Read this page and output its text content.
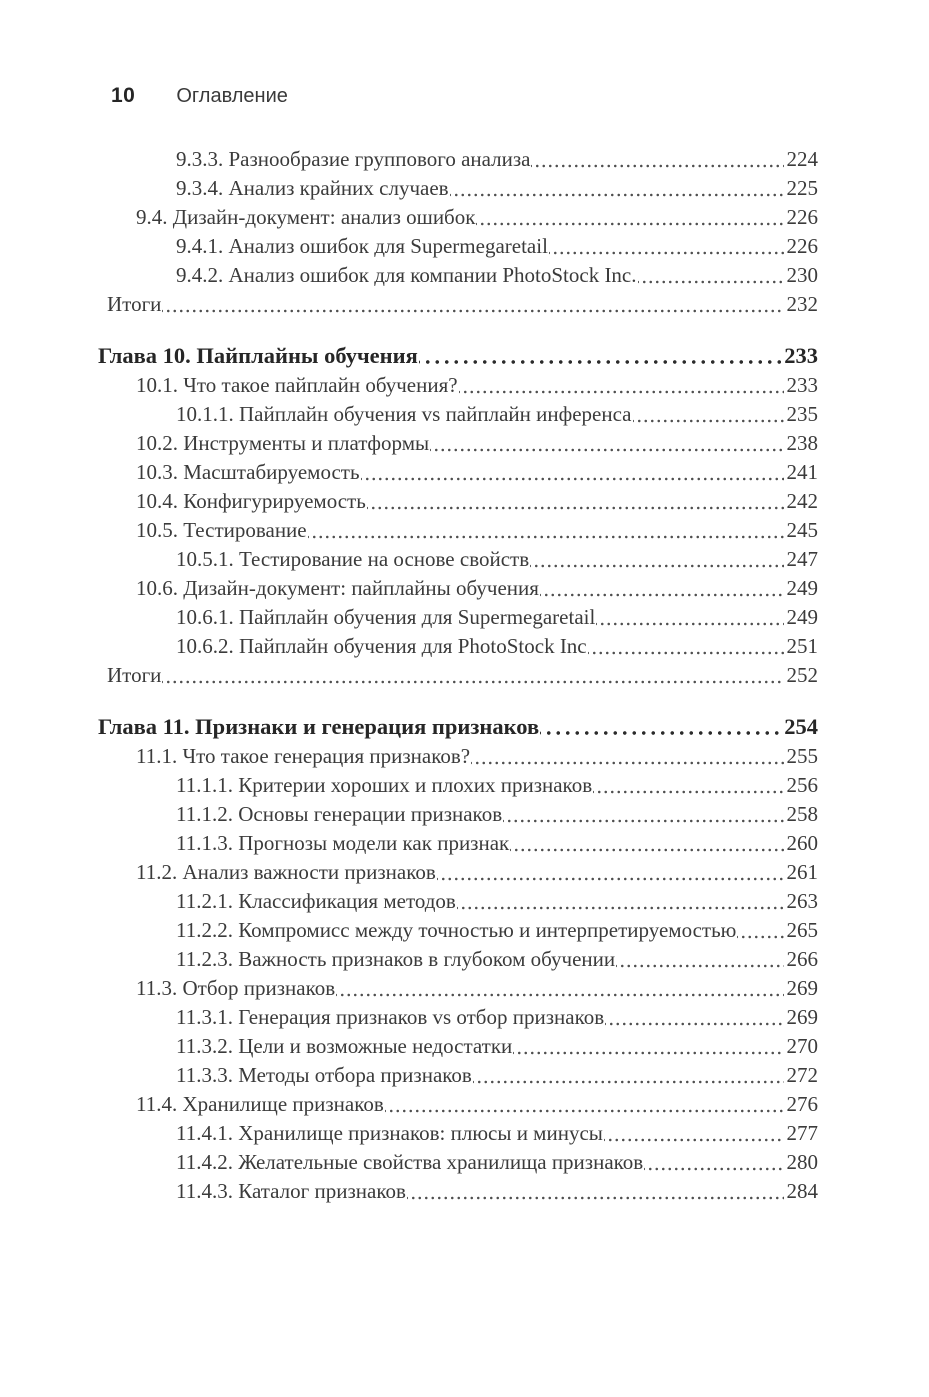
10 Оглавление
9.3.3. Разнообразие группового анализа	224
9.3.4. Анализ крайних случаев	225
9.4. Дизайн-документ: анализ ошибок	226
9.4.1. Анализ ошибок для Supermegaretail	226
9.4.2. Анализ ошибок для компании PhotoStock Inc.	230
Итоги	232
Глава 10. Пайплайны обучения	233
10.1. Что такое пайплайн обучения?	233
10.1.1. Пайплайн обучения vs пайплайн инференса	235
10.2. Инструменты и платформы	238
10.3. Масштабируемость	241
10.4. Конфигурируемость	242
10.5. Тестирование	245
10.5.1. Тестирование на основе свойств	247
10.6. Дизайн-документ: пайплайны обучения	249
10.6.1. Пайплайн обучения для Supermegaretail	249
10.6.2. Пайплайн обучения для PhotoStock Inc	251
Итоги	252
Глава 11. Признаки и генерация признаков	254
11.1. Что такое генерация признаков?	255
11.1.1. Критерии хороших и плохих признаков	256
11.1.2. Основы генерации признаков	258
11.1.3. Прогнозы модели как признак	260
11.2. Анализ важности признаков	261
11.2.1. Классификация методов	263
11.2.2. Компромисс между точностью и интерпретируемостью 265
11.2.3. Важность признаков в глубоком обучении	266
11.3. Отбор признаков	269
11.3.1. Генерация признаков vs отбор признаков	269
11.3.2. Цели и возможные недостатки	270
11.3.3. Методы отбора признаков	272
11.4. Хранилище признаков	276
11.4.1. Хранилище признаков: плюсы и минусы	277
11.4.2. Желательные свойства хранилища признаков	280
11.4.3. Каталог признаков	284
